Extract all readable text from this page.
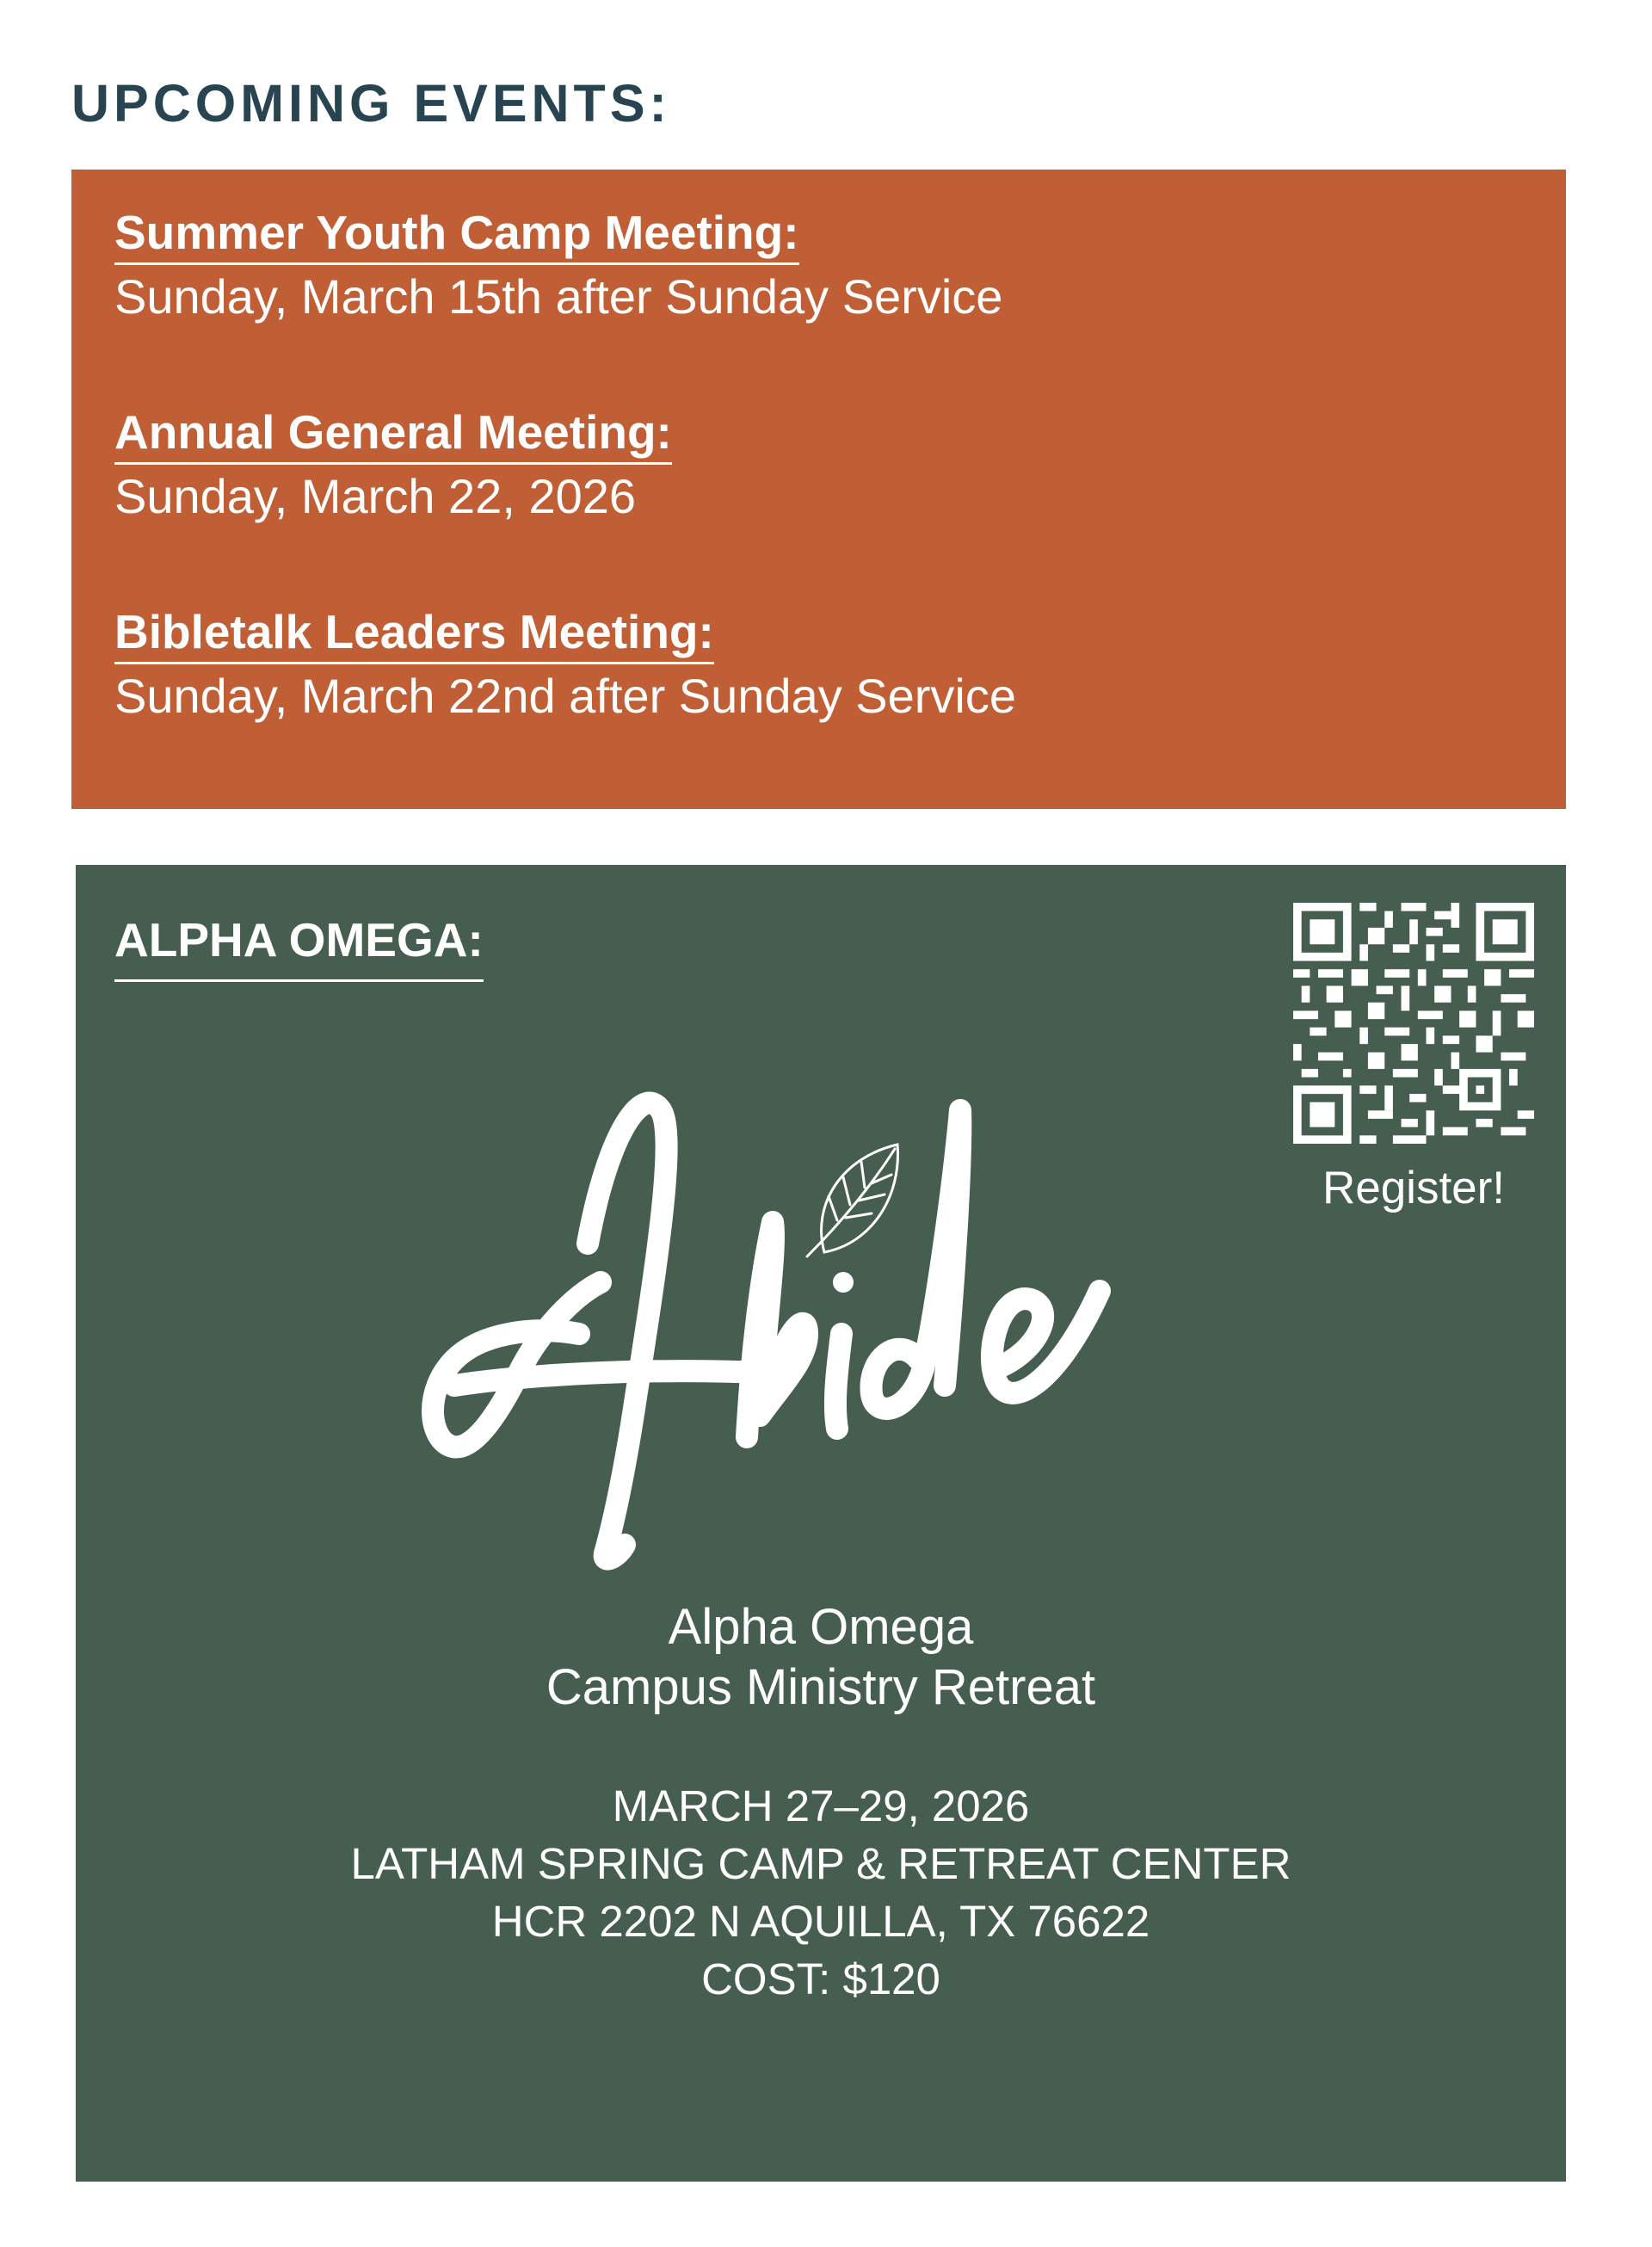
UPCOMING EVENTS:
Summer Youth Camp Meeting:
Sunday, March 15th after Sunday Service
Annual General Meeting:
Sunday, March 22, 2026
Bibletalk Leaders Meeting:
Sunday, March 22nd after Sunday Service
ALPHA OMEGA:
Register!
Alpha Omega
Campus Ministry Retreat
MARCH 27–29, 2026
LATHAM SPRING CAMP & RETREAT CENTER
HCR 2202 N AQUILLA, TX 76622
COST: $120
